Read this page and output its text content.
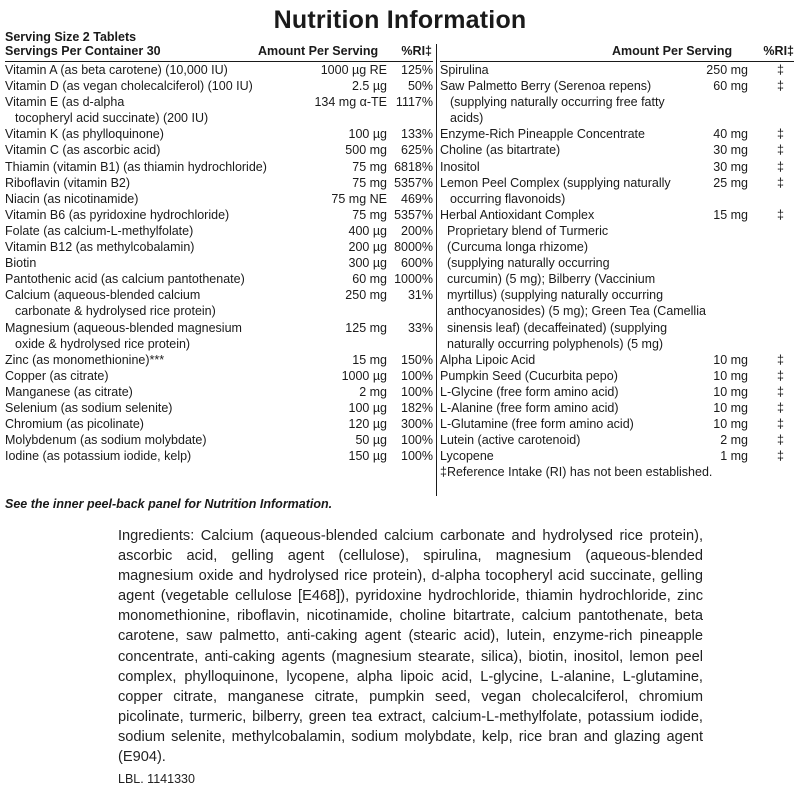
Nutrition Information
Serving Size 2 Tablets
Servings Per Container 30	Amount Per Serving	%RI‡	Amount Per Serving	%RI‡
Vitamin A (as beta carotene) (10,000 IU)	1000 µg RE	125%
Vitamin D (as vegan cholecalciferol) (100 IU)	2.5 µg	50%
Vitamin E (as d-alpha
tocopheryl acid succinate) (200 IU)
134 mg α-TE 1117%
Vitamin K (as phylloquinone)	100 µg	133%
Vitamin C (as ascorbic acid)	500 mg	625%
Thiamin (vitamin B1) (as thiamin hydrochloride)	75 mg 6818%
Riboflavin (vitamin B2)	75 mg 5357%
Niacin (as nicotinamide)	75 mg NE	469%
Vitamin B6 (as pyridoxine hydrochloride)	75 mg 5357%
Folate (as calcium-L-methylfolate)	400 µg	200%
Vitamin B12 (as methylcobalamin)	200 µg 8000%
Biotin	300 µg	600%
Pantothenic acid (as calcium pantothenate)	60 mg 1000%
Calcium (aqueous-blended calcium
carbonate & hydrolysed rice protein)
250 mg	31%
Magnesium (aqueous-blended magnesium
oxide & hydrolysed rice protein)
125 mg	33%
Zinc (as monomethionine)***	15 mg	150%
Copper (as citrate)	1000 µg	100%
Manganese (as citrate)	2 mg	100%
Selenium (as sodium selenite)	100 µg	182%
Chromium (as picolinate)	120 µg	300%
Molybdenum (as sodium molybdate)	50 µg	100%
Iodine (as potassium iodide, kelp)	150 µg	100%
Spirulina	250 mg	‡
Saw Palmetto Berry (Serenoa repens)
(supplying naturally occurring free fatty acids)
60 mg	‡
Enzyme-Rich Pineapple Concentrate	40 mg	‡
Choline (as bitartrate)	30 mg	‡
Inositol	30 mg	‡
Lemon Peel Complex (supplying naturally
occurring flavonoids)
25 mg	‡
Herbal Antioxidant Complex	15 mg	‡
Proprietary blend of Turmeric
(Curcuma longa rhizome)
(supplying naturally occurring
curcumin) (5 mg); Bilberry (Vaccinium
myrtillus) (supplying naturally occurring
anthocyanosides) (5 mg); Green Tea (Camellia
sinensis leaf) (decaffeinated) (supplying
naturally occurring polyphenols) (5 mg)
Alpha Lipoic Acid	10 mg	‡
Pumpkin Seed (Cucurbita pepo)	10 mg	‡
L-Glycine (free form amino acid)	10 mg	‡
L-Alanine (free form amino acid)	10 mg	‡
L-Glutamine (free form amino acid)	10 mg	‡
Lutein (active carotenoid)	2 mg	‡
Lycopene	1 mg	‡
‡Reference Intake (RI) has not been established.
See the inner peel-back panel for Nutrition Information.
Ingredients: Calcium (aqueous-blended calcium carbonate and hydrolysed rice protein), ascorbic acid, gelling agent (cellulose), spirulina, magnesium (aqueous-blended magnesium oxide and hydrolysed rice protein), d-alpha tocopheryl acid succinate, gelling agent (vegetable cellulose [E468]), pyridoxine hydrochloride, thiamin hydrochloride, zinc monomethionine, riboflavin, nicotinamide, choline bitartrate, calcium pantothenate, beta carotene, saw palmetto, anti-caking agent (stearic acid), lutein, enzyme-rich pineapple concentrate, anti-caking agents (magnesium stearate, silica), biotin, inositol, lemon peel complex, phylloquinone, lycopene, alpha lipoic acid, L-glycine, L-alanine, L-glutamine, copper citrate, manganese citrate, pumpkin seed, vegan cholecalciferol, chromium picolinate, turmeric, bilberry, green tea extract, calcium-L-methylfolate, potassium iodide, sodium selenite, methylcobalamin, sodium molybdate, kelp, rice bran and glazing agent (E904).
LBL. 1141330
